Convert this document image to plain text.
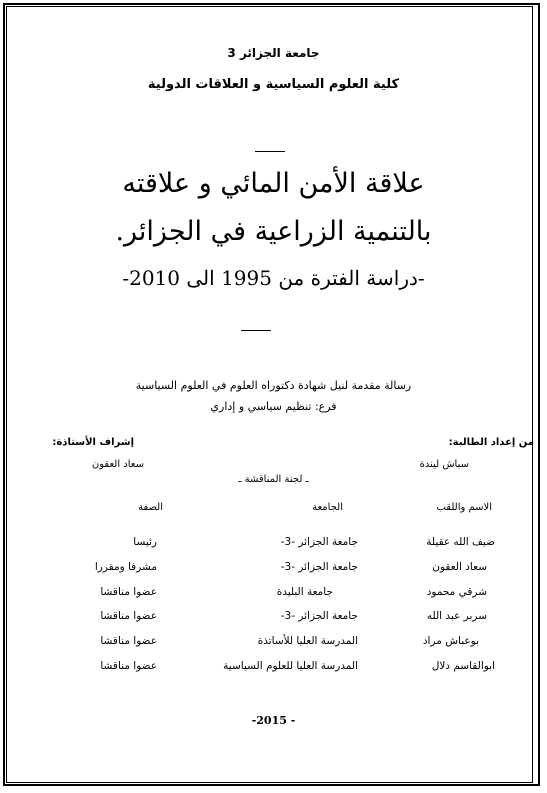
جامعة الجزائر 3
كلية العلوم السياسية و العلاقات الدولية
علاقة الأمن المائي و علاقته
بالتنمية الزراعية في الجزائر.
-دراسة الفترة من 1995 الى 2010-
رسالة مقدمة لنيل شهادة دكتوراه العلوم في العلوم السياسية
فرع: تنظيم سياسي و إداري
من إعداد الطالبة:
سباش ليندة
إشراف الأستاذة:
سعاد العقون
ـ لجنة المناقشة ـ
الاسم واللقب
الجامعة
الصفة
ضيف الله عقيلة
جامعة الجزائر -3-
رئيسا
سعاد العقون
جامعة الجزائر -3-
مشرفا ومقررا
شرقي محمود
جامعة البليدة
عضوا مناقشا
سربر عبد الله
جامعة الجزائر -3-
عضوا مناقشا
بوعباش مراد
المدرسة العليا للأساتذة
عضوا مناقشا
ابوالقاسم دلال
المدرسة العليا للعلوم السياسية
عضوا مناقشا
-2015 -
